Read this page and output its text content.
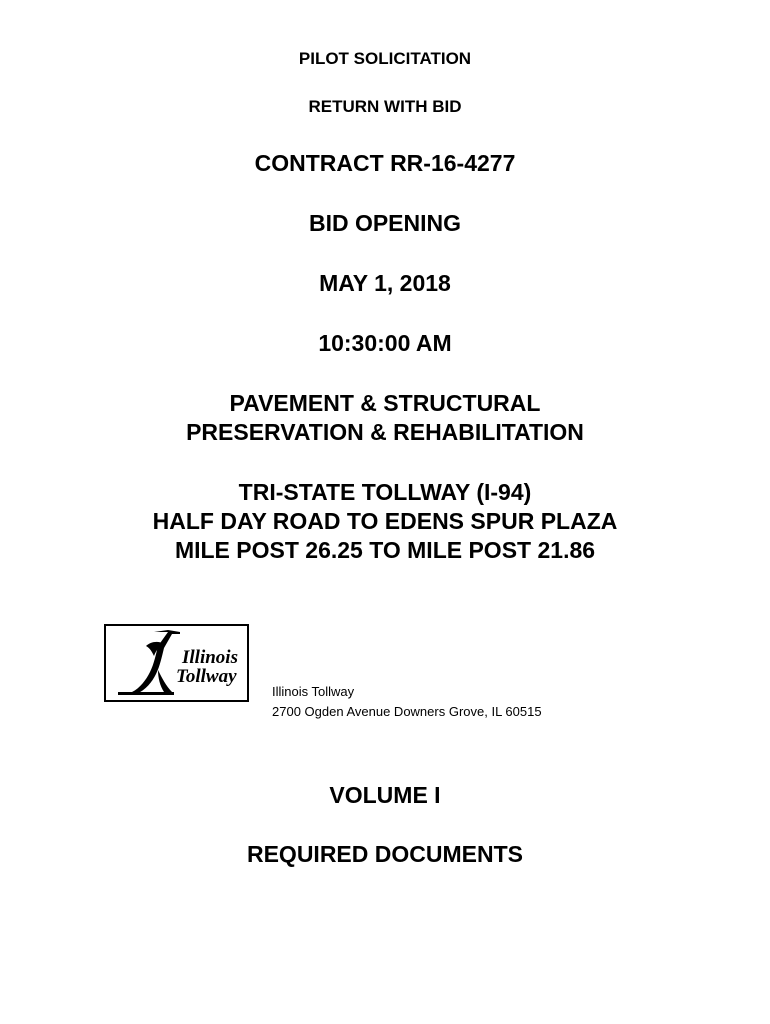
PILOT SOLICITATION
RETURN WITH BID
CONTRACT RR-16-4277
BID OPENING
MAY 1, 2018
10:30:00 AM
PAVEMENT & STRUCTURAL
PRESERVATION & REHABILITATION
TRI-STATE TOLLWAY (I-94)
HALF DAY ROAD TO EDENS SPUR PLAZA
MILE POST 26.25 TO MILE POST 21.86
Illinois
Tollway
Illinois Tollway
2700 Ogden Avenue Downers Grove, IL 60515
VOLUME I
REQUIRED DOCUMENTS
